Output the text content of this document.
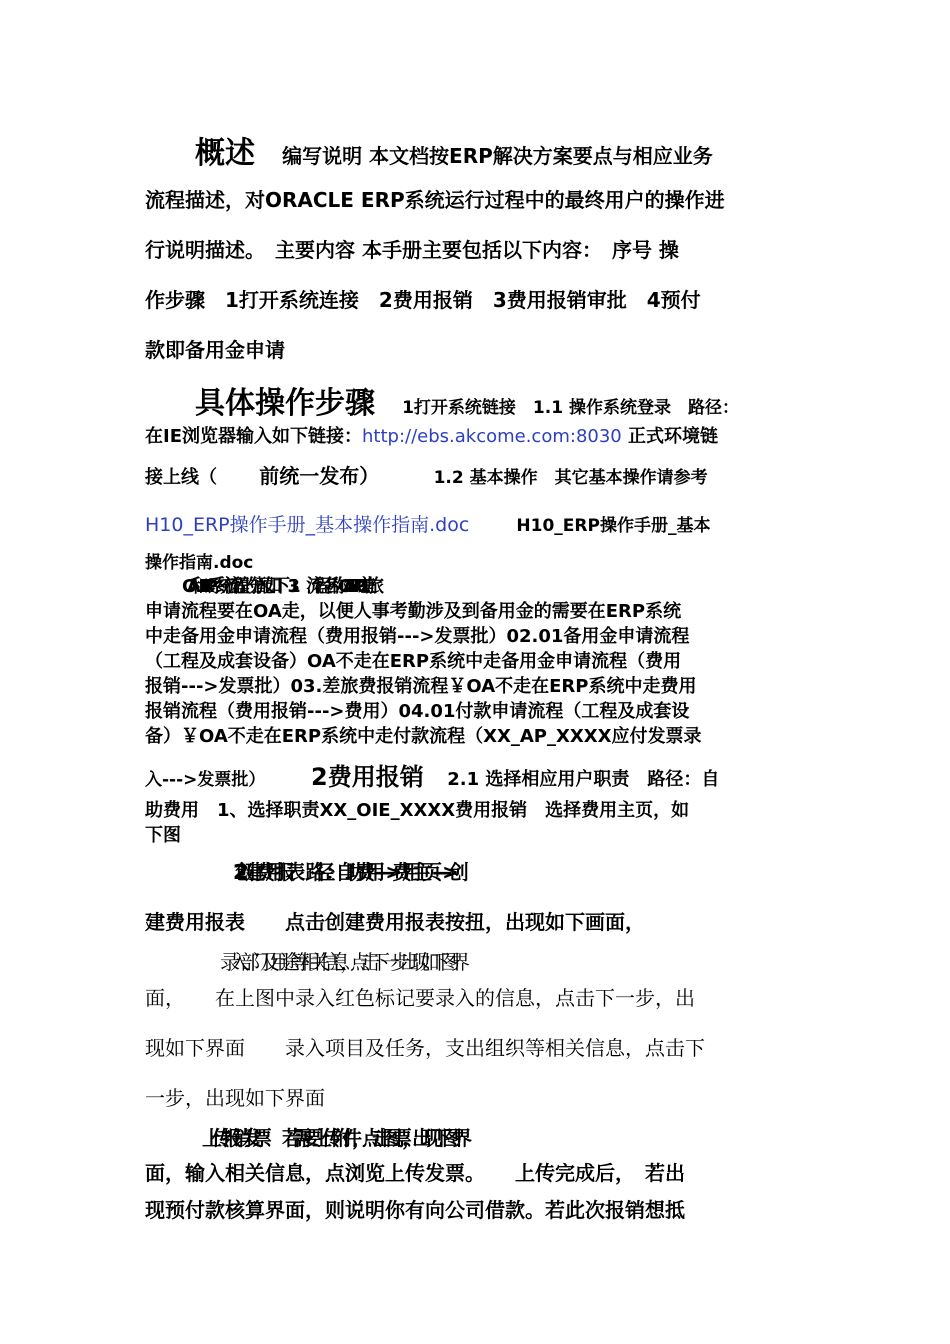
概述 编写说明 本文档按ERP解决方案要点与相应业务
流程描述，对ORACLE ERP系统运行过程中的最终用户的操作进
行说明描述。　主要内容 本手册主要包括以下内容：　序号 操
作步骤　1打开系统连接　2费用报销　3费用报销审批　4预付
款即备用金申请
具体操作步骤 1打开系统链接　1.1 操作系统登录　路径：
在IE浏览器输入如下链接：http://ebs.akcome.com:8030 正式环境链
接上线（ 前统一发布）	1.2 基本操作　其它基本操作请参考
H10_ERP操作手册_基本操作指南.doc	H10_ERP操作手册_基本
操作指南.doc
OA和ERP系统流程的分配如下　1.3　　流程名称OAERP01.差旅
申请流程要在OA走，以便人事考勤涉及到备用金的需要在ERP系统
中走备用金申请流程（费用报销--->发票批）02.01备用金申请流程
（工程及成套设备）OA不走在ERP系统中走备用金申请流程（费用
报销--->发票批）03.差旅费报销流程￥OA不走在ERP系统中走费用
报销流程（费用报销--->费用）04.01付款申请流程（工程及成套设
备）￥OA不走在ERP系统中走付款流程（XX_AP_XXXX应付发票录
入--->发票批） 2费用报销 2.1 选择相应用户职责　路径：自
助费用　1、选择职责XX_OIE_XXXX费用报销　选择费用主页，如
下图
2.2 创建费用报表　路径：自助费用—>费用主页—>创
建费用报表　　点击创建费用报表按扭，出现如下画面，
录入部门及用途等相关信息，点击下一步出现如下图界
面，　　在上图中录入红色标记要录入的信息，点击下一步，出
现如下界面　　录入项目及任务，支出组织等相关信息，点击下
一步，出现如下界面
上传报销发票　　若需要上传附件，点击图票，出现下图界
面，输入相关信息，点浏览上传发票。　　上传完成后，　若出
现预付款核算界面，则说明你有向公司借款。若此次报销想抵
